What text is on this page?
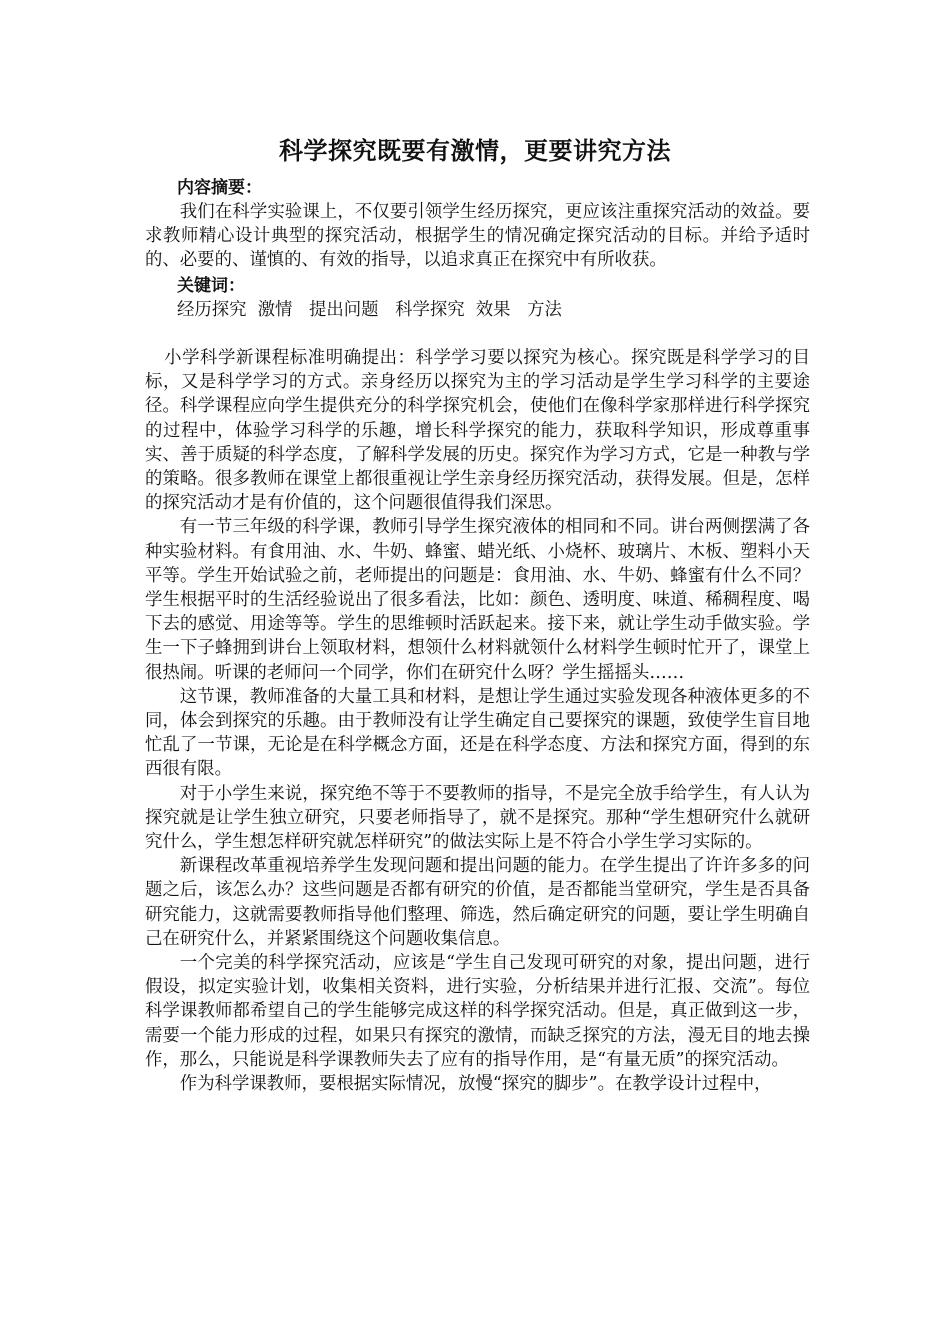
科学探究既要有激情，更要讲究方法
内容摘要：

我们在科学实验课上，不仅要引领学生经历探究，更应该注重探究活动的效益。要求教师精心设计典型的探究活动，根据学生的情况确定探究活动的目标。并给予适时的、必要的、谨慎的、有效的指导，以追求真正在探究中有所收获。

关键词：
经历探究  激情   提出问题   科学探究  效果   方法

小学科学新课程标准明确提出：科学学习要以探究为核心。探究既是科学学习的目标，又是科学学习的方式。亲身经历以探究为主的学习活动是学生学习科学的主要途径。科学课程应向学生提供充分的科学探究机会，使他们在像科学家那样进行科学探究的过程中，体验学习科学的乐趣，增长科学探究的能力，获取科学知识，形成尊重事实、善于质疑的科学态度，了解科学发展的历史。探究作为学习方式，它是一种教与学的策略。很多教师在课堂上都很重视让学生亲身经历探究活动，获得发展。但是，怎样的探究活动才是有价值的，这个问题很值得我们深思。

有一节三年级的科学课，教师引导学生探究液体的相同和不同。讲台两侧摆满了各种实验材料。有食用油、水、牛奶、蜂蜜、蜡光纸、小烧杯、玻璃片、木板、塑料小天平等。学生开始试验之前，老师提出的问题是：食用油、水、牛奶、蜂蜜有什么不同？学生根据平时的生活经验说出了很多看法，比如：颜色、透明度、味道、稀稠程度、喝下去的感觉、用途等等。学生的思维顿时活跃起来。接下来，就让学生动手做实验。学生一下子蜂拥到讲台上领取材料，想领什么材料就领什么材料学生顿时忙开了，课堂上很热闹。听课的老师问一个同学，你们在研究什么呀？学生摇摇头……

这节课，教师准备的大量工具和材料，是想让学生通过实验发现各种液体更多的不同，体会到探究的乐趣。由于教师没有让学生确定自己要探究的课题，致使学生盲目地忙乱了一节课，无论是在科学概念方面，还是在科学态度、方法和探究方面，得到的东西很有限。

对于小学生来说，探究绝不等于不要教师的指导，不是完全放手给学生，有人认为探究就是让学生独立研究，只要老师指导了，就不是探究。那种“学生想研究什么就研究什么，学生想怎样研究就怎样研究”的做法实际上是不符合小学生学习实际的。

新课程改革重视培养学生发现问题和提出问题的能力。在学生提出了许许多多的问题之后，该怎么办？这些问题是否都有研究的价值，是否都能当堂研究，学生是否具备研究能力，这就需要教师指导他们整理、筛选，然后确定研究的问题，要让学生明确自己在研究什么，并紧紧围绕这个问题收集信息。

一个完美的科学探究活动，应该是“学生自己发现可研究的对象，提出问题，进行假设，拟定实验计划，收集相关资料，进行实验，分析结果并进行汇报、交流”。每位科学课教师都希望自己的学生能够完成这样的科学探究活动。但是，真正做到这一步，需要一个能力形成的过程，如果只有探究的激情，而缺乏探究的方法，漫无目的地去操作，那么，只能说是科学课教师失去了应有的指导作用，是“有量无质”的探究活动。

作为科学课教师，要根据实际情况，放慢“探究的脚步”。在教学设计过程中，
